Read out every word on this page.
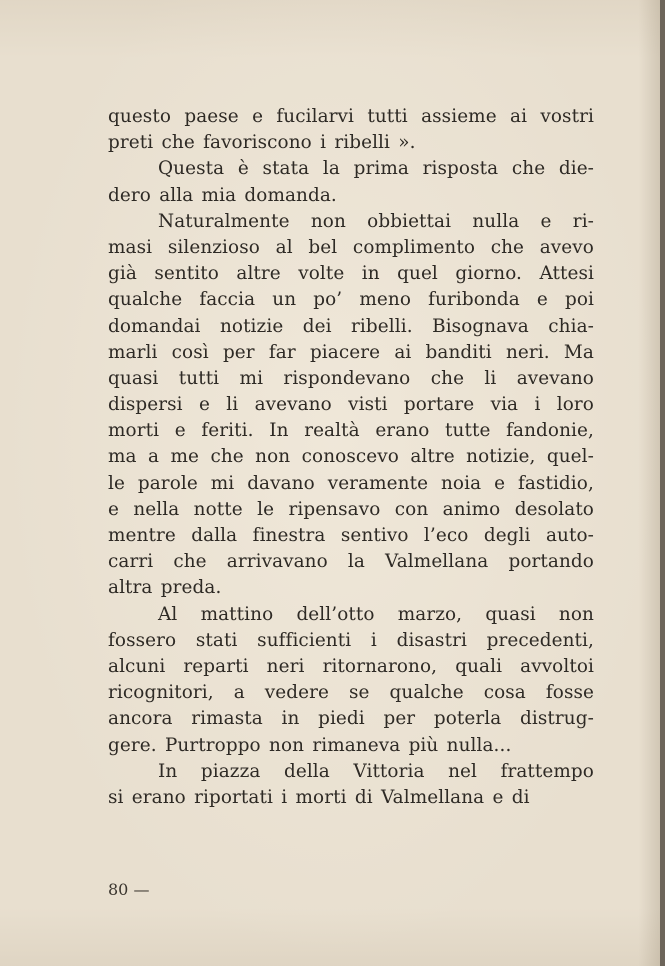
questo paese e fucilarvi tutti assieme ai vostri
preti che favoriscono i ribelli ».
Questa è stata la prima risposta che die-
dero alla mia domanda.
Naturalmente non obbiettai nulla e ri-
masi silenzioso al bel complimento che avevo
già sentito altre volte in quel giorno. Attesi
qualche faccia un po’ meno furibonda e poi
domandai notizie dei ribelli. Bisognava chia-
marli così per far piacere ai banditi neri. Ma
quasi tutti mi rispondevano che li avevano
dispersi e li avevano visti portare via i loro
morti e feriti. In realtà erano tutte fandonie,
ma a me che non conoscevo altre notizie, quel-
le parole mi davano veramente noia e fastidio,
e nella notte le ripensavo con animo desolato
mentre dalla finestra sentivo l’eco degli auto-
carri che arrivavano la Valmellana portando
altra preda.
Al mattino dell’otto marzo, quasi non
fossero stati sufficienti i disastri precedenti,
alcuni reparti neri ritornarono, quali avvoltoi
ricognitori, a vedere se qualche cosa fosse
ancora rimasta in piedi per poterla distrug-
gere. Purtroppo non rimaneva più nulla...
In piazza della Vittoria nel frattempo
si erano riportati i morti di Valmellana e di
80 —
